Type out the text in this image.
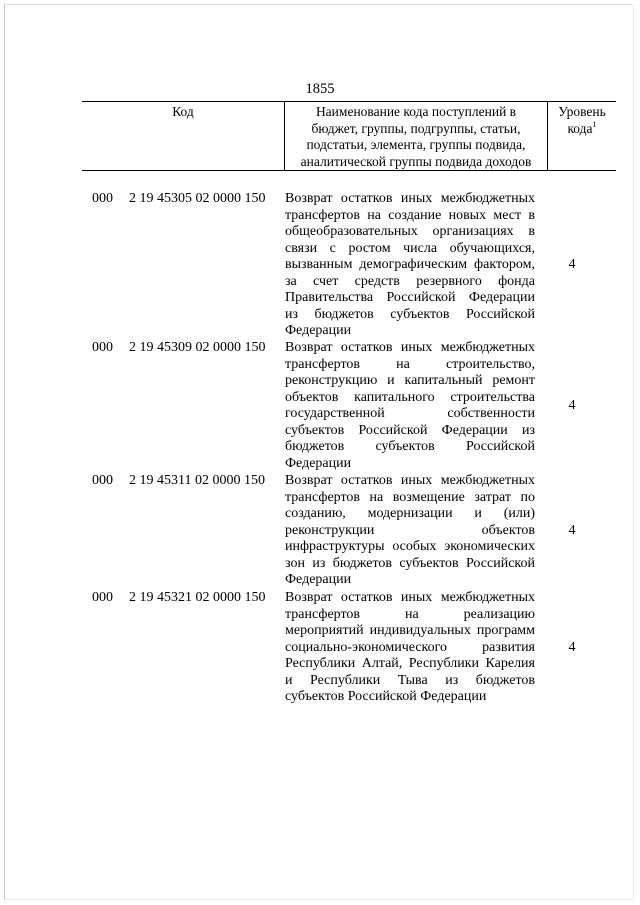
1855
Код	Наименование кода поступлений в
бюджет, группы, подгруппы, статьи,
подстатьи, элемента, группы подвида,
аналитической группы подвида доходов

Уровень
кода$^1$
000	2 19 45305 02 0000 150	Возврат остатков иных межбюджетных
трансфертов на создание новых мест в
общеобразовательных организациях в
связи с ростом числа обучающихся,
вызванным демографическим фактором,
за счет средств резервного фонда
Правительства Российской Федерации
из бюджетов субъектов Российской
Федерации
4
000	2 19 45309 02 0000 150	Возврат остатков иных межбюджетных
трансфертов на строительство,
реконструкцию и капитальный ремонт
объектов капитального строительства
государственной собственности
субъектов Российской Федерации из
бюджетов субъектов Российской
Федерации
4
000	2 19 45311 02 0000 150	Возврат остатков иных межбюджетных
трансфертов на возмещение затрат по
созданию, модернизации и (или)
реконструкции объектов
инфраструктуры особых экономических
зон из бюджетов субъектов Российской
Федерации
4
000	2 19 45321 02 0000 150	Возврат остатков иных межбюджетных
трансфертов на реализацию
мероприятий индивидуальных программ
социально-экономического развития
Республики Алтай, Республики Карелия
и Республики Тыва из бюджетов
субъектов Российской Федерации
4
